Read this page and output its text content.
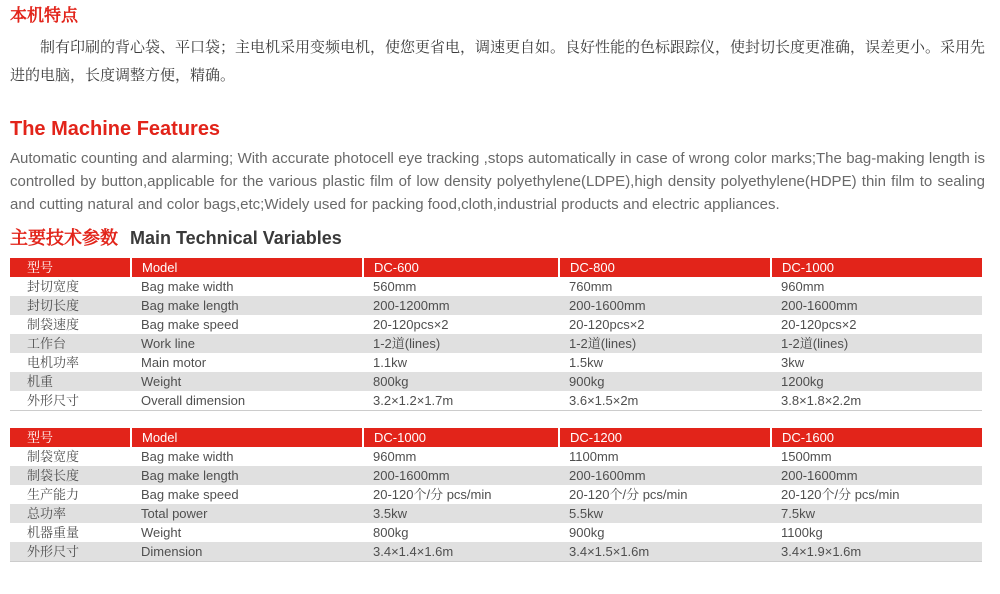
本机特点

制有印刷的背心袋、平口袋；主电机采用变频电机，使您更省电，调速更自如。良好性能的色标跟踪仪，使封切长度更准确，误差更小。采用先进的电脑，长度调整方便，精确。

The Machine Features

Automatic counting and alarming; With accurate photocell eye tracking ,stops automatically in case of wrong color marks;The bag-making length is controlled by button,applicable for the various plastic film of low density polyethylene(LDPE),high density polyethylene(HDPE) thin film to sealing and cutting natural and color bags,etc;Widely used for packing food,cloth,industrial products and electric appliances.

主要技术参数 Main Technical Variables
型号	Model	DC-600	DC-800	DC-1000
封切宽度	Bag make width	560mm	760mm	960mm
封切长度	Bag make length	200-1200mm	200-1600mm	200-1600mm
制袋速度	Bag make speed	20-120pcs×2	20-120pcs×2	20-120pcs×2
工作台	Work line	1-2道(lines)	1-2道(lines)	1-2道(lines)
电机功率	Main motor	1.1kw	1.5kw	3kw
机重	Weight	800kg	900kg	1200kg
外形尺寸	Overall dimension	3.2×1.2×1.7m	3.6×1.5×2m	3.8×1.8×2.2m
型号	Model	DC-1000	DC-1200	DC-1600
制袋宽度	Bag make width	960mm	1100mm	1500mm
制袋长度	Bag make length	200-1600mm	200-1600mm	200-1600mm
生产能力	Bag make speed	20-120个/分 pcs/min	20-120个/分 pcs/min	20-120个/分 pcs/min
总功率	Total power	3.5kw	5.5kw	7.5kw
机器重量	Weight	800kg	900kg	1100kg
外形尺寸	Dimension	3.4×1.4×1.6m	3.4×1.5×1.6m	3.4×1.9×1.6m
